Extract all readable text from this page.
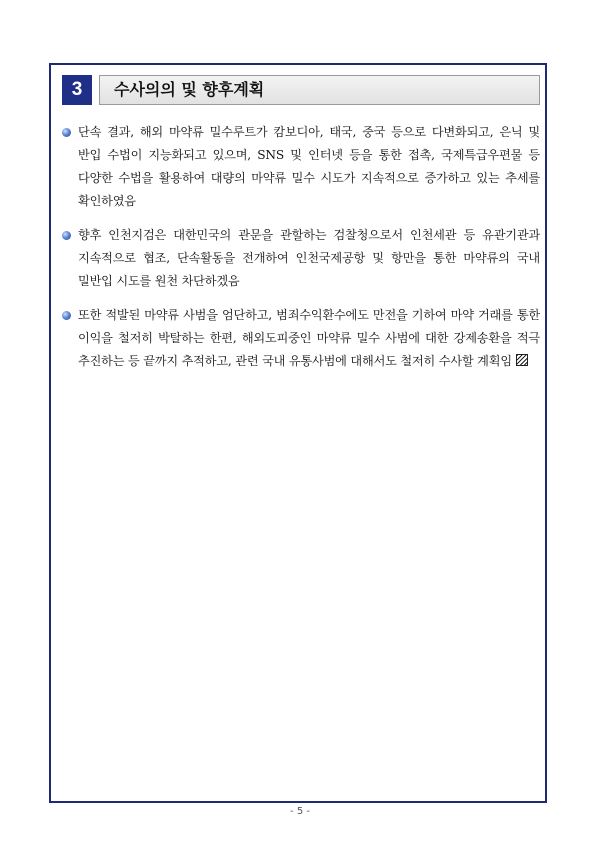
3	수사의의 및 향후계획
단속 결과, 해외 마약류 밀수루트가 캄보디아, 태국, 중국 등으로 다변화되고, 은닉 및 반입 수법이 지능화되고 있으며, SNS 및 인터넷 등을 통한 접촉, 국제특급우편물 등 다양한 수법을 활용하여 대량의 마약류 밀수 시도가 지속적으로 증가하고 있는 추세를 확인하였음
향후 인천지검은 대한민국의 관문을 관할하는 검찰청으로서 인천세관 등 유관기관과 지속적으로 협조, 단속활동을 전개하여 인천국제공항 및 항만을 통한 마약류의 국내 밀반입 시도를 원천 차단하겠음
또한 적발된 마약류 사범을 엄단하고, 범죄수익환수에도 만전을 기하여 마약 거래를 통한 이익을 철저히 박탈하는 한편, 해외도피중인 마약류 밀수 사범에 대한 강제송환을 적극 추진하는 등 끝까지 추적하고, 관련 국내 유통사범에 대해서도 철저히 수사할 계획임
- 5 -
